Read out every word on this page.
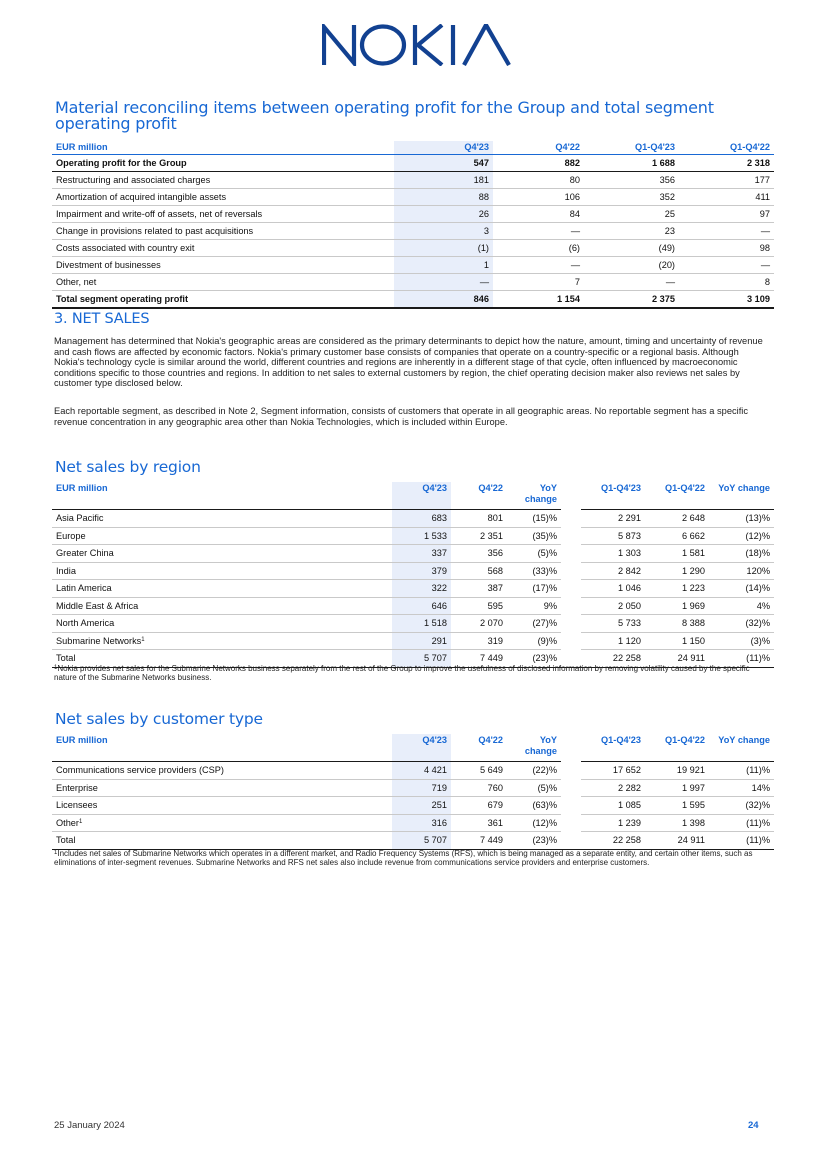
Material reconciling items between operating profit for the Group and total segment operating profit
EUR million	Q4'23	Q4'22	Q1-Q4'23	Q1-Q4'22
Operating profit for the Group	547	882	1 688	2 318
Restructuring and associated charges	181	80	356	177
Amortization of acquired intangible assets	88	106	352	411
Impairment and write-off of assets, net of reversals	26	84	25	97
Change in provisions related to past acquisitions	3	—	23	—
Costs associated with country exit	(1)	(6)	(49)	98
Divestment of businesses	1	—	(20)	—
Other, net	—	7	—	8
Total segment operating profit	846	1 154	2 375	3 109
3. NET SALES

Management has determined that Nokia's geographic areas are considered as the primary determinants to depict how the nature, amount, timing and uncertainty of revenue and cash flows are affected by economic factors. Nokia's primary customer base consists of companies that operate on a country-specific or a regional basis. Although Nokia's technology cycle is similar around the world, different countries and regions are inherently in a different stage of that cycle, often influenced by macroeconomic conditions specific to those countries and regions. In addition to net sales to external customers by region, the chief operating decision maker also reviews net sales by customer type disclosed below.

Each reportable segment, as described in Note 2, Segment information, consists of customers that operate in all geographic areas. No reportable segment has a specific revenue concentration in any geographic area other than Nokia Technologies, which is included within Europe.

Net sales by region
EUR million	Q4'23	Q4'22	YoY change		Q1-Q4'23	Q1-Q4'22	YoY change
Asia Pacific	683	801	(15)%		2 291	2 648	(13)%
Europe	1 533	2 351	(35)%		5 873	6 662	(12)%
Greater China	337	356	(5)%		1 303	1 581	(18)%
India	379	568	(33)%		2 842	1 290	120%
Latin America	322	387	(17)%		1 046	1 223	(14)%
Middle East & Africa	646	595	9%		2 050	1 969	4%
North America	1 518	2 070	(27)%		5 733	8 388	(32)%
Submarine Networks$^1$	291	319	(9)%		1 120	1 150	(3)%
Total	5 707	7 449	(23)%		22 258	24 911	(11)%

$^1$Nokia provides net sales for the Submarine Networks business separately from the rest of the Group to improve the usefulness of disclosed information by removing volatility caused by the specific nature of the Submarine Networks business.

Net sales by customer type
EUR million	Q4'23	Q4'22	YoY change		Q1-Q4'23	Q1-Q4'22	YoY change
Communications service providers (CSP)	4 421	5 649	(22)%		17 652	19 921	(11)%
Enterprise	719	760	(5)%		2 282	1 997	14%
Licensees	251	679	(63)%		1 085	1 595	(32)%
Other$^1$	316	361	(12)%		1 239	1 398	(11)%
Total	5 707	7 449	(23)%		22 258	24 911	(11)%

$^1$Includes net sales of Submarine Networks which operates in a different market, and Radio Frequency Systems (RFS), which is being managed as a separate entity, and certain other items, such as eliminations of inter-segment revenues. Submarine Networks and RFS net sales also include revenue from communications service providers and enterprise customers.

25 January 2024	24
